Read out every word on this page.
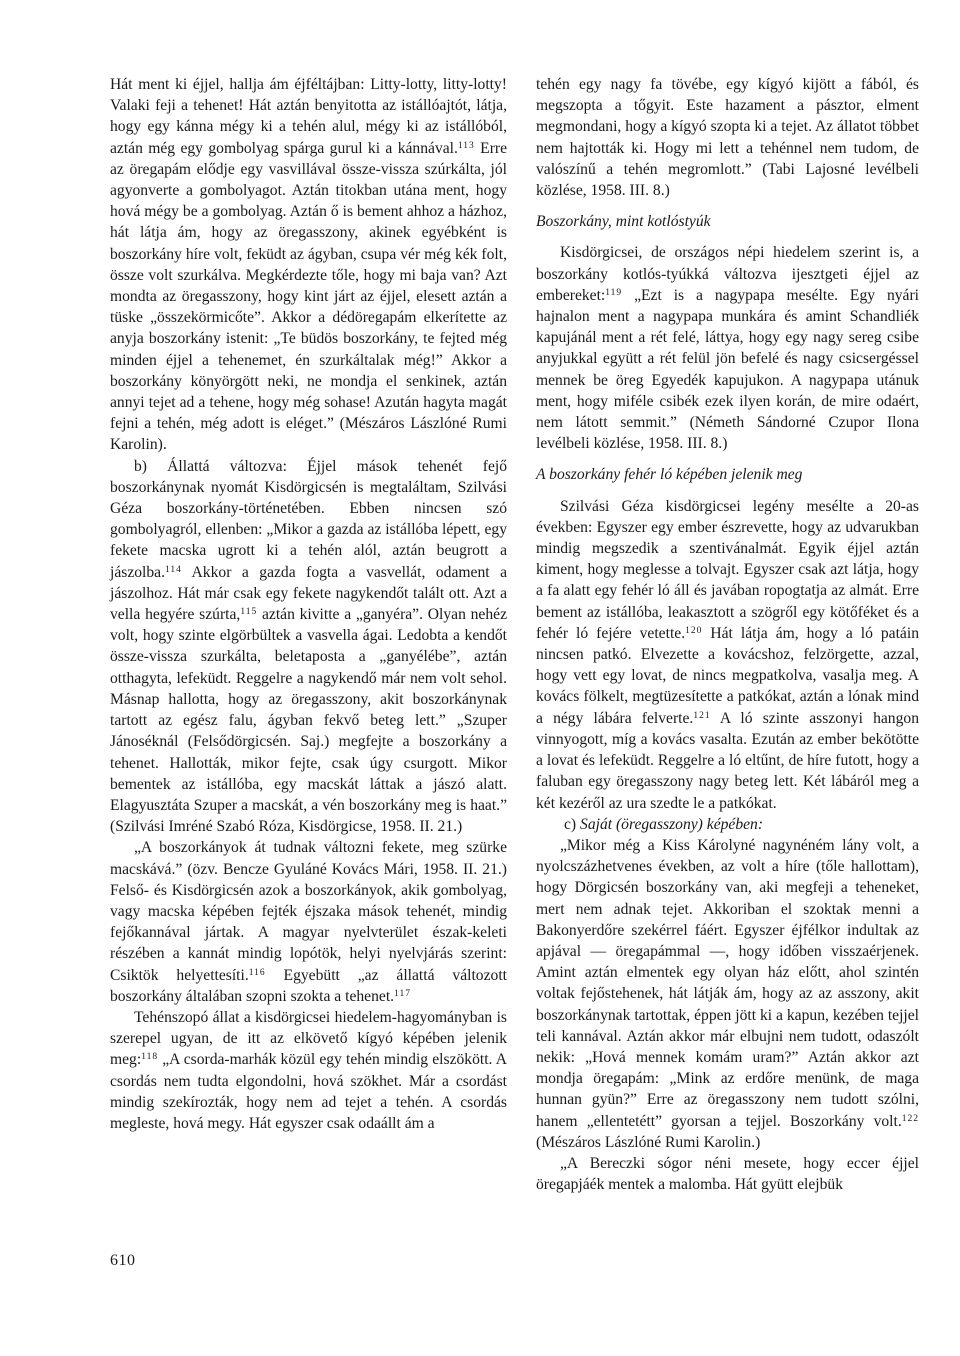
Hát ment ki éjjel, hallja ám éjféltájban: Litty-lotty, litty-lotty! Valaki feji a tehenet! Hát aztán benyitotta az istállóajtót, látja, hogy egy kánna mégy ki a tehén alul, mégy ki az istállóból, aztán még egy gombolyag spárga gurul ki a kánnával.$^{113}$ Erre az öregapám elődje egy vasvillával össze-vissza szúrkálta, jól agyonverte a gombolyagot. Aztán titokban utána ment, hogy hová mégy be a gombolyag. Aztán ő is bement ahhoz a házhoz, hát látja ám, hogy az öregasszony, akinek egyébként is boszorkány híre volt, feküdt az ágyban, csupa vér még kék folt, össze volt szurkálva. Megkérdezte tőle, hogy mi baja van? Azt mondta az öregasszony, hogy kint járt az éjjel, elesett aztán a tüske „összekörmicőte”. Akkor a dédöregapám elkerítette az anyja boszorkány istenit: „Te büdös boszorkány, te fejted még minden éjjel a tehenemet, én szurkáltalak még!” Akkor a boszorkány könyörgött neki, ne mondja el senkinek, aztán annyi tejet ad a tehene, hogy még sohase! Azután hagyta magát fejni a tehén, még adott is eléget.” (Mészáros Lászlóné Rumi Karolin).

b) Állattá változva: Éjjel mások tehenét fejő boszorkánynak nyomát Kisdörgicsén is megtaláltam, Szilvási Géza boszorkány-történetében. Ebben nincsen szó gombolyagról, ellenben: „Mikor a gazda az istállóba lépett, egy fekete macska ugrott ki a tehén alól, aztán beugrott a jászolba.$^{114}$ Akkor a gazda fogta a vasvellát, odament a jászolhoz. Hát már csak egy fekete nagykendőt talált ott. Azt a vella hegyére szúrta,$^{115}$ aztán kivitte a „ganyéra”. Olyan nehéz volt, hogy szinte elgörbültek a vasvella ágai. Ledobta a kendőt össze-vissza szurkálta, beletaposta a „ganyélébe”, aztán otthagyta, lefeküdt. Reggelre a nagykendő már nem volt sehol. Másnap hallotta, hogy az öregasszony, akit boszorkánynak tartott az egész falu, ágyban fekvő beteg lett.” „Szuper Jánoséknál (Felsődörgicsén. Saj.) megfejte a boszorkány a tehenet. Hallották, mikor fejte, csak úgy csurgott. Mikor bementek az istállóba, egy macskát láttak a jászó alatt. Elagyusztáta Szuper a macskát, a vén boszorkány meg is haat.” (Szilvási Imréné Szabó Róza, Kisdörgicse, 1958. II. 21.)

„A boszorkányok át tudnak változni fekete, meg szürke macskává.” (özv. Bencze Gyuláné Kovács Mári, 1958. II. 21.) Felső- és Kisdörgicsén azok a boszorkányok, akik gombolyag, vagy macska képében fejték éjszaka mások tehenét, mindig fejőkannával jártak. A magyar nyelvterület észak-keleti részében a kannát mindig lopótök, helyi nyelvjárás szerint: Csiktök helyettesíti.$^{116}$ Egyebütt „az állattá változott boszorkány általában szopni szokta a tehenet.$^{117}$

Tehénszopó állat a kisdörgicsei hiedelem-hagyományban is szerepel ugyan, de itt az elkövető kígyó képében jelenik meg:$^{118}$ „A csorda-marhák közül egy tehén mindig elszökött. A csordás nem tudta elgondolni, hová szökhet. Már a csordást mindig szekírozták, hogy nem ad tejet a tehén. A csordás megleste, hová megy. Hát egyszer csak odaállt ám a

tehén egy nagy fa tövébe, egy kígyó kijött a fából, és megszopta a tőgyit. Este hazament a pásztor, elment megmondani, hogy a kígyó szopta ki a tejet. Az állatot többet nem hajtották ki. Hogy mi lett a tehénnel nem tudom, de valószínű a tehén megromlott.” (Tabi Lajosné levélbeli közlése, 1958. III. 8.)

Boszorkány, mint kotlóstyúk

Kisdörgicsei, de országos népi hiedelem szerint is, a boszorkány kotlós-tyúkká változva ijesztgeti éjjel az embereket:$^{119}$ „Ezt is a nagypapa mesélte. Egy nyári hajnalon ment a nagypapa munkára és amint Schandliék kapujánál ment a rét felé, láttya, hogy egy nagy sereg csibe anyjukkal együtt a rét felül jön befelé és nagy csicsergéssel mennek be öreg Egyedék kapujukon. A nagypapa utánuk ment, hogy miféle csibék ezek ilyen korán, de mire odaért, nem látott semmit.” (Németh Sándorné Czupor Ilona levélbeli közlése, 1958. III. 8.)

A boszorkány fehér ló képében jelenik meg

Szilvási Géza kisdörgicsei legény mesélte a 20-as években: Egyszer egy ember észrevette, hogy az udvarukban mindig megszedik a szentivánalmát. Egyik éjjel aztán kiment, hogy meglesse a tolvajt. Egyszer csak azt látja, hogy a fa alatt egy fehér ló áll és javában ropogtatja az almát. Erre bement az istállóba, leakasztott a szögről egy kötőféket és a fehér ló fejére vetette.$^{120}$ Hát látja ám, hogy a ló patáin nincsen patkó. Elvezette a kovácshoz, felzörgette, azzal, hogy vett egy lovat, de nincs megpatkolva, vasalja meg. A kovács fölkelt, megtüzesítette a patkókat, aztán a lónak mind a négy lábára felverte.$^{121}$ A ló szinte asszonyi hangon vinnyogott, míg a kovács vasalta. Ezután az ember bekötötte a lovat és lefeküdt. Reggelre a ló eltűnt, de híre futott, hogy a faluban egy öregasszony nagy beteg lett. Két lábáról meg a két kezéről az ura szedte le a patkókat.

c) Saját (öregasszony) képében:

„Mikor még a Kiss Károlyné nagynéném lány volt, a nyolcszázhetvenes években, az volt a híre (tőle hallottam), hogy Dörgicsén boszorkány van, aki megfeji a teheneket, mert nem adnak tejet. Akkoriban el szoktak menni a Bakonyerdőre szekérrel fáért. Egyszer éjfélkor indultak az apjával — öregapámmal —, hogy időben visszaérjenek. Amint aztán elmentek egy olyan ház előtt, ahol szintén voltak fejőstehenek, hát látják ám, hogy az az asszony, akit boszorkánynak tartottak, éppen jött ki a kapun, kezében tejjel teli kannával. Aztán akkor már elbujni nem tudott, odaszólt nekik: „Hová mennek komám uram?” Aztán akkor azt mondja öregapám: „Mink az erdőre menünk, de maga hunnan gyün?” Erre az öregasszony nem tudott szólni, hanem „ellentetétt” gyorsan a tejjel. Boszorkány volt.$^{122}$ (Mészáros Lászlóné Rumi Karolin.)

„A Bereczki sógor néni mesete, hogy eccer éjjel öregapjáék mentek a malomba. Hát gyütt elejbük

610
